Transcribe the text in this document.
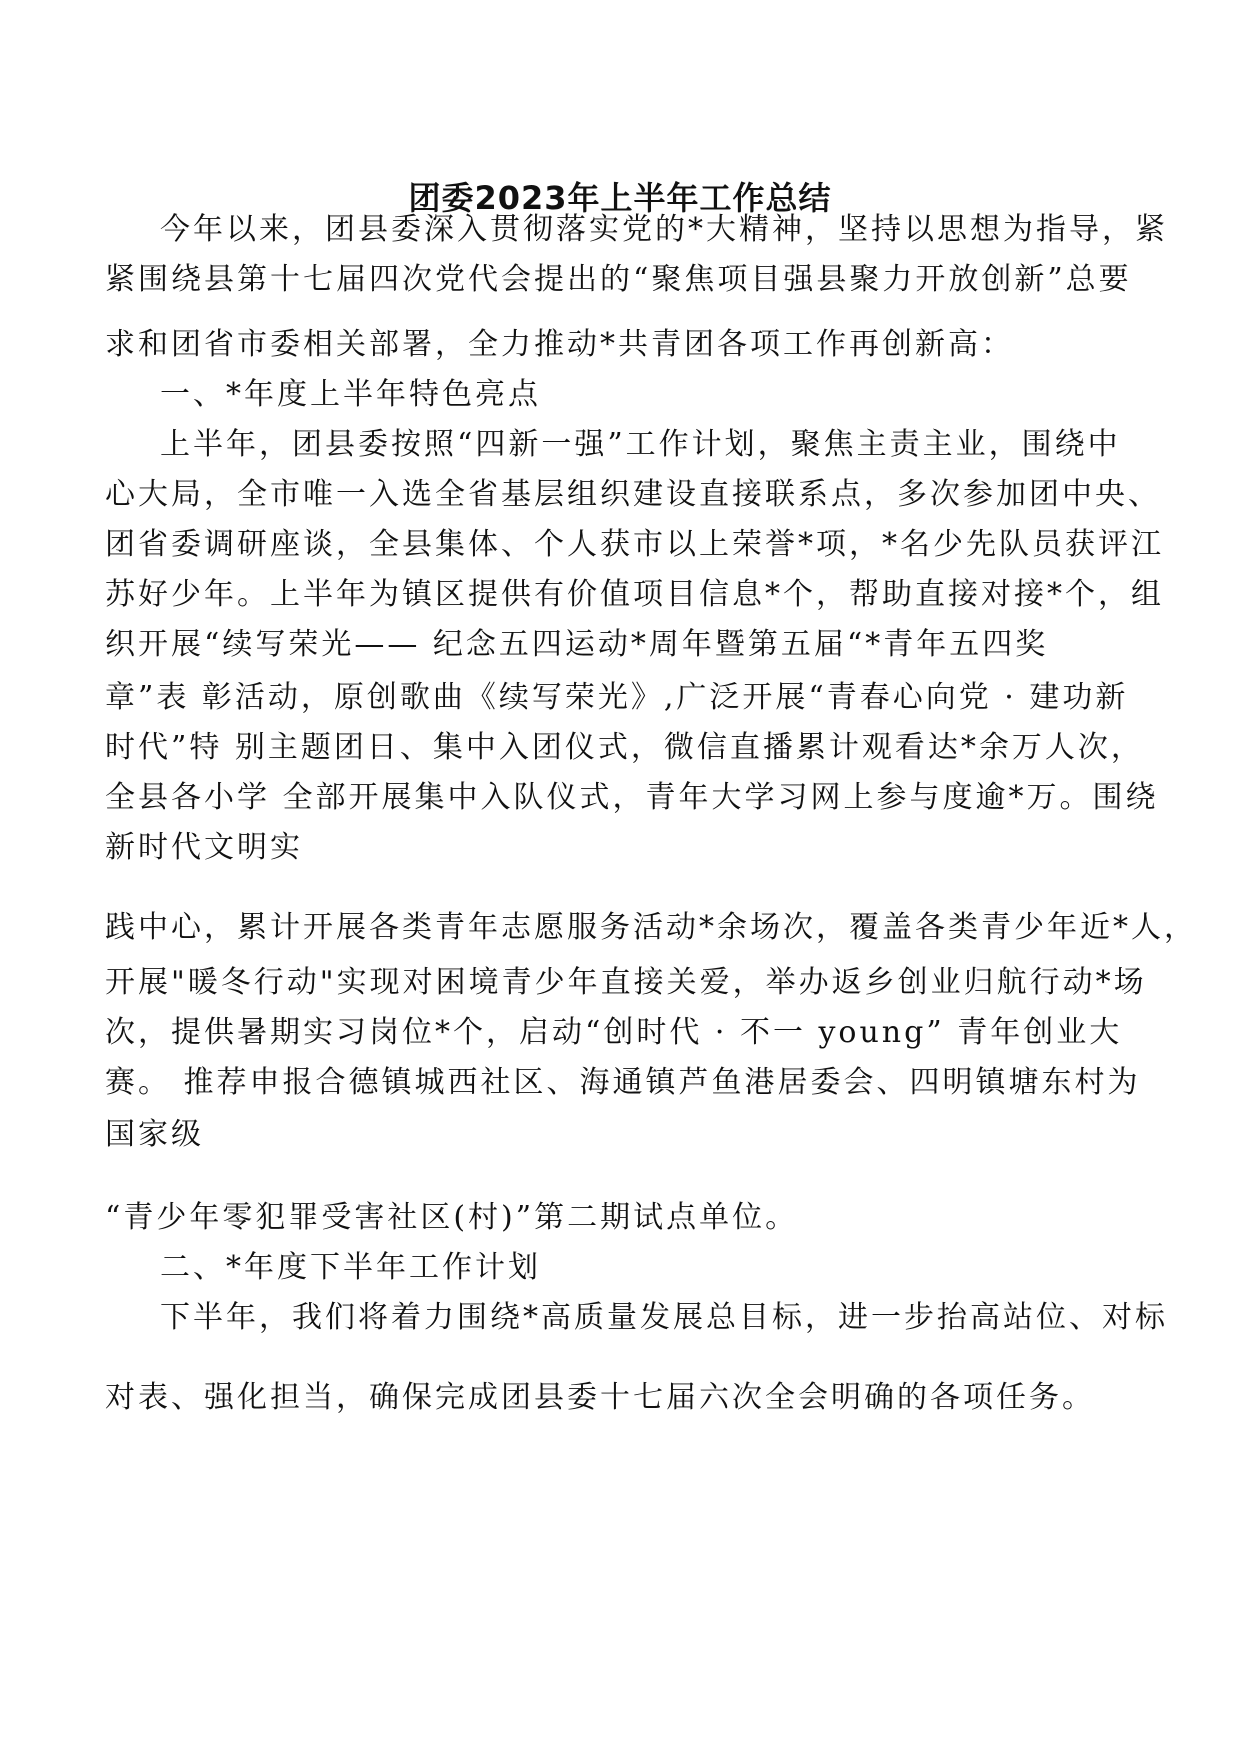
团委2023年上半年工作总结
今年以来，团县委深入贯彻落实党的*大精神，坚持以思想为指导，紧
紧围绕县第十七届四次党代会提出的“聚焦项目强县聚力开放创新”总要
求和团省市委相关部署，全力推动*共青团各项工作再创新高：
一、*年度上半年特色亮点
上半年，团县委按照“四新一强”工作计划，聚焦主责主业，围绕中
心大局，全市唯一入选全省基层组织建设直接联系点，多次参加团中央、
团省委调研座谈，全县集体、个人获市以上荣誉*项，*名少先队员获评江
苏好少年。上半年为镇区提供有价值项目信息*个，帮助直接对接*个，组
织开展“续写荣光—— 纪念五四运动*周年暨第五届“*青年五四奖
章”表 彰活动，原创歌曲《续写荣光》,广泛开展“青春心向党 · 建功新
时代”特 别主题团日、集中入团仪式，微信直播累计观看达*余万人次，
全县各小学 全部开展集中入队仪式，青年大学习网上参与度逾*万。围绕
新时代文明实
践中心，累计开展各类青年志愿服务活动*余场次，覆盖各类青少年近*人，
开展"暖冬行动"实现对困境青少年直接关爱，举办返乡创业归航行动*场
次，提供暑期实习岗位*个，启动“创时代 · 不一 young” 青年创业大
赛。 推荐申报合德镇城西社区、海通镇芦鱼港居委会、四明镇塘东村为
国家级
“青少年零犯罪受害社区(村)”第二期试点单位。
二、*年度下半年工作计划
下半年，我们将着力围绕*高质量发展总目标，进一步抬高站位、对标
对表、强化担当，确保完成团县委十七届六次全会明确的各项任务。
